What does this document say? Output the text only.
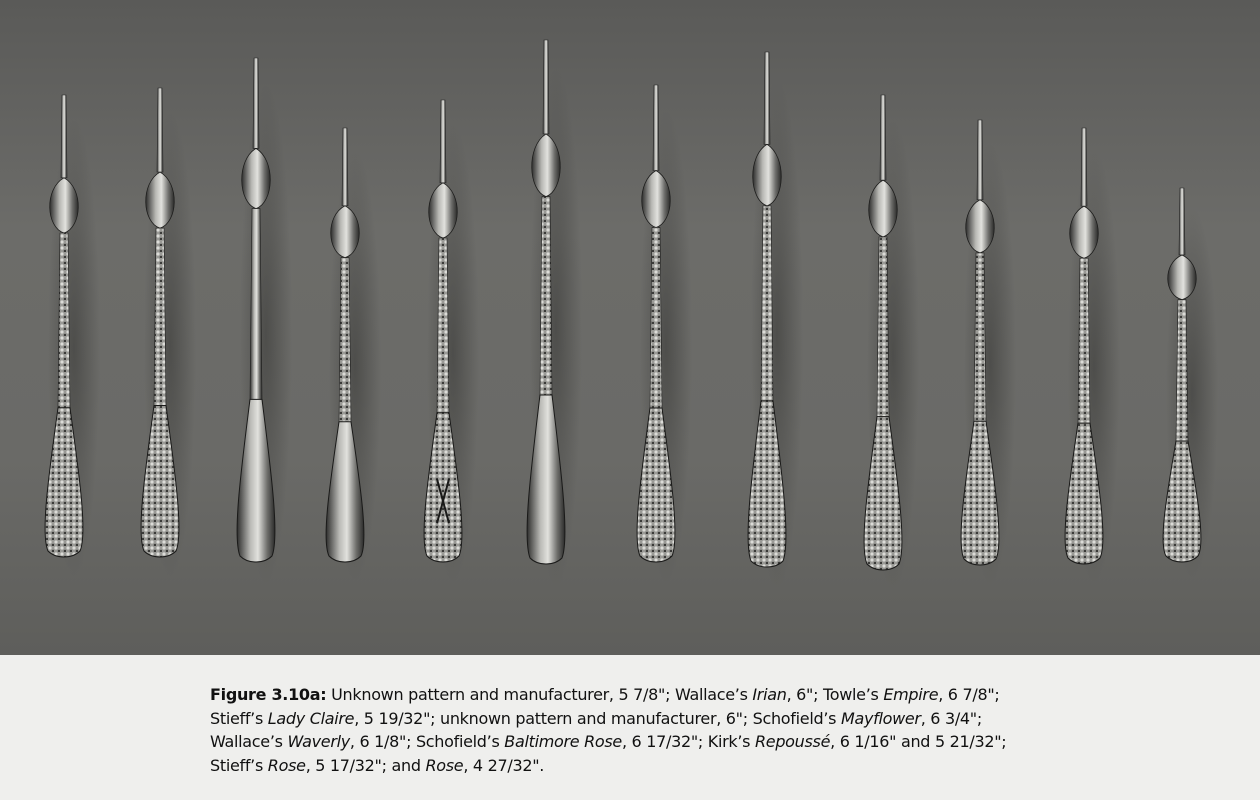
Figure 3.10a: Unknown pattern and manufacturer, 5 7/8"; Wallace’s Irian, 6"; Towle’s Empire, 6 7/8";
Stieff’s Lady Claire, 5 19/32"; unknown pattern and manufacturer, 6"; Schofield’s Mayflower, 6 3/4";
Wallace’s Waverly, 6 1/8"; Schofield’s Baltimore Rose, 6 17/32"; Kirk’s Repoussé, 6 1/16" and 5 21/32";
Stieff’s Rose, 5 17/32"; and Rose, 4 27/32".
